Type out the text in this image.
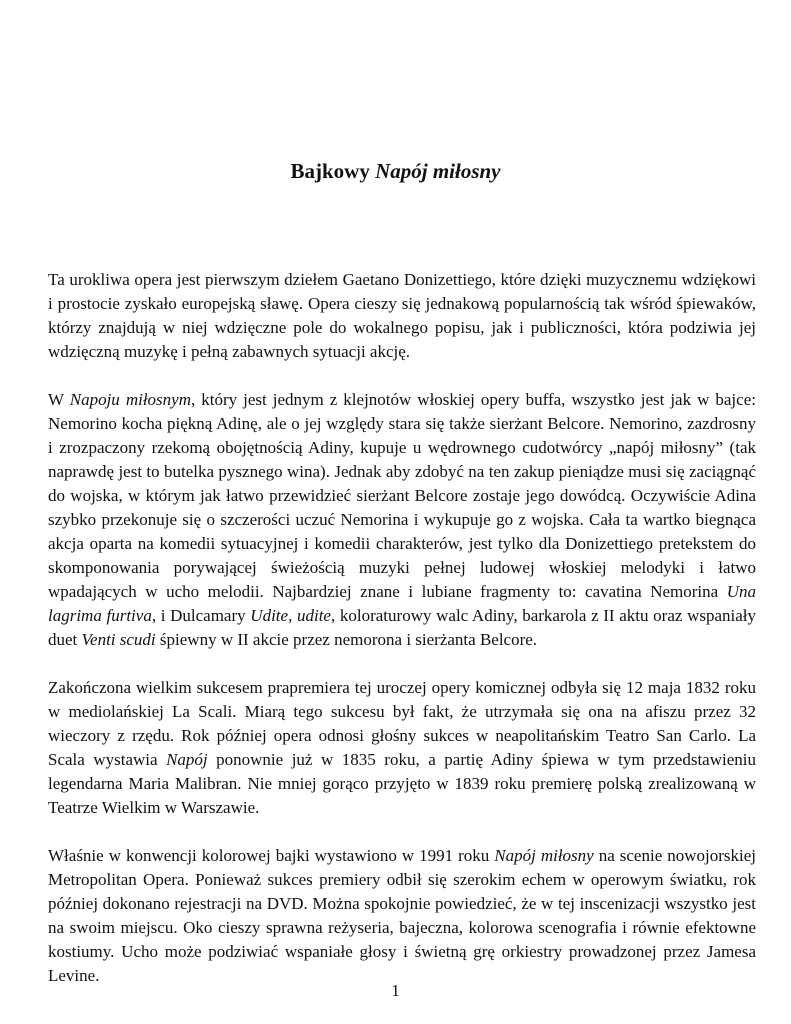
Bajkowy Napój miłosny

Ta urokliwa opera jest pierwszym dziełem Gaetano Donizettiego, które dzięki muzycznemu wdziękowi i prostocie zyskało europejską sławę. Opera cieszy się jednakową popularnością tak wśród śpiewaków, którzy znajdują w niej wdzięczne pole do wokalnego popisu, jak i publiczności, która podziwia jej wdzięczną muzykę i pełną zabawnych sytuacji akcję.

W Napoju miłosnym, który jest jednym z klejnotów włoskiej opery buffa, wszystko jest jak w bajce: Nemorino kocha piękną Adinę, ale o jej względy stara się także sierżant Belcore. Nemorino, zazdrosny i zrozpaczony rzekomą obojętnością Adiny, kupuje u wędrownego cudotwórcy „napój miłosny” (tak naprawdę jest to butelka pysznego wina). Jednak aby zdobyć na ten zakup pieniądze musi się zaciągnąć do wojska, w którym jak łatwo przewidzieć sierżant Belcore zostaje jego dowódcą. Oczywiście Adina szybko przekonuje się o szczerości uczuć Nemorina i wykupuje go z wojska. Cała ta wartko biegnąca akcja oparta na komedii sytuacyjnej i komedii charakterów, jest tylko dla Donizettiego pretekstem do skomponowania porywającej świeżością muzyki pełnej ludowej włoskiej melodyki i łatwo wpadających w ucho melodii. Najbardziej znane i lubiane fragmenty to: cavatina Nemorina Una lagrima furtiva, i Dulcamary Udite, udite, koloraturowy walc Adiny, barkarola z II aktu oraz wspaniały duet Venti scudi śpiewny w II akcie przez nemorona i sierżanta Belcore.

Zakończona wielkim sukcesem prapremiera tej uroczej opery komicznej odbyła się 12 maja 1832 roku w mediolańskiej La Scali. Miarą tego sukcesu był fakt, że utrzymała się ona na afiszu przez 32 wieczory z rzędu. Rok później opera odnosi głośny sukces w neapolitańskim Teatro San Carlo. La Scala wystawia Napój ponownie już w 1835 roku, a partię Adiny śpiewa w tym przedstawieniu legendarna Maria Malibran. Nie mniej gorąco przyjęto w 1839 roku premierę polską zrealizowaną w Teatrze Wielkim w Warszawie.

Właśnie w konwencji kolorowej bajki wystawiono w 1991 roku Napój miłosny na scenie nowojorskiej Metropolitan Opera. Ponieważ sukces premiery odbił się szerokim echem w operowym światku, rok później dokonano rejestracji na DVD. Można spokojnie powiedzieć, że w tej inscenizacji wszystko jest na swoim miejscu. Oko cieszy sprawna reżyseria, bajeczna, kolorowa scenografia i równie efektowne kostiumy. Ucho może podziwiać wspaniałe głosy i świetną grę orkiestry prowadzonej przez Jamesa Levine.

1
